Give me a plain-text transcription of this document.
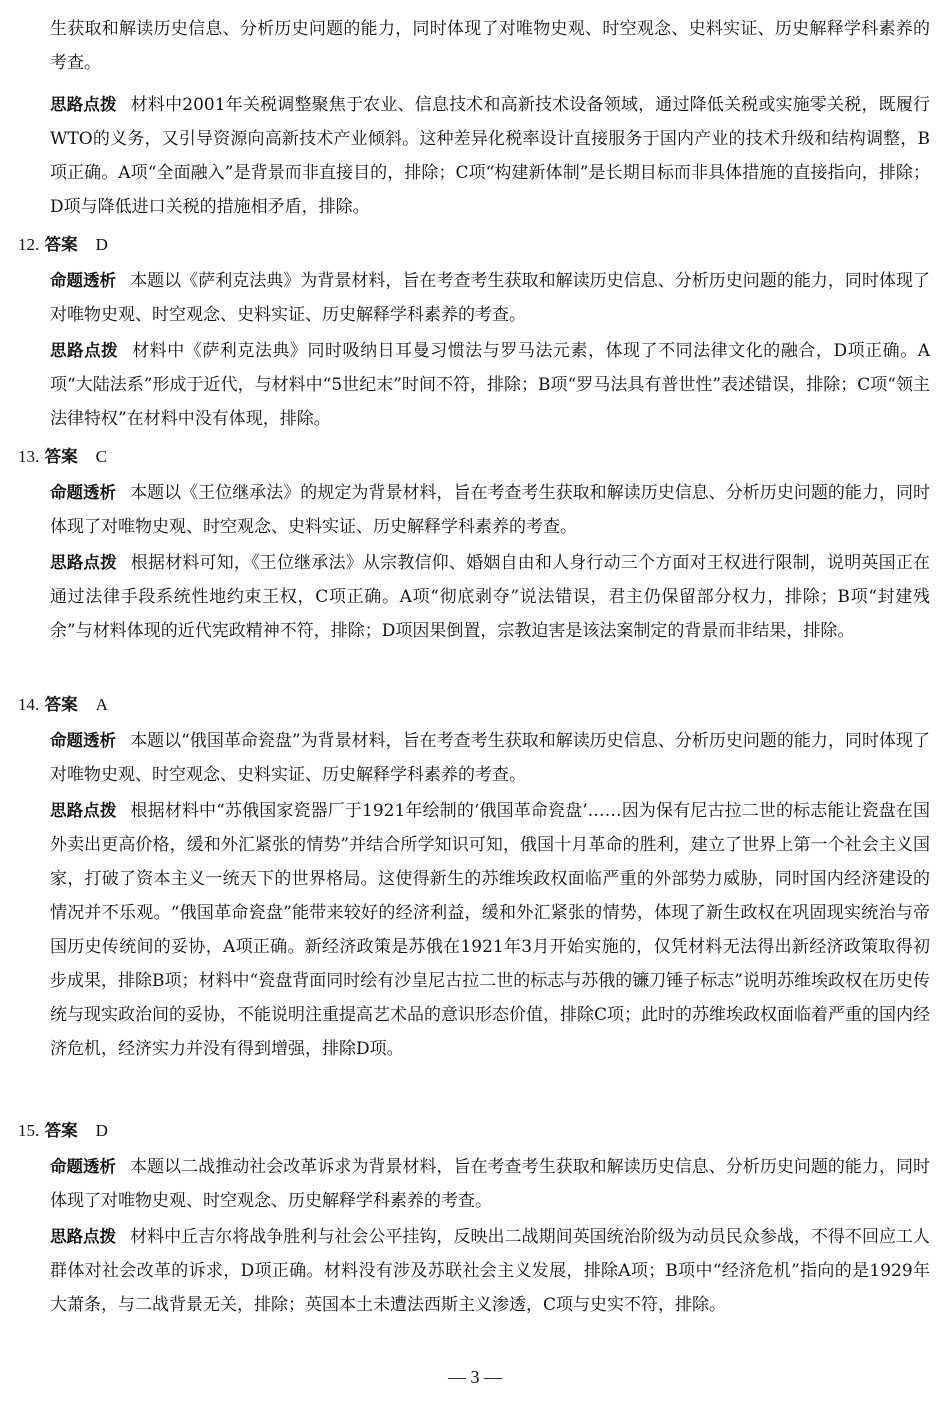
生获取和解读历史信息、分析历史问题的能力，同时体现了对唯物史观、时空观念、史料实证、历史解释学科素养的考查。

思路点拨 材料中2001年关税调整聚焦于农业、信息技术和高新技术设备领域，通过降低关税或实施零关税，既履行WTO的义务，又引导资源向高新技术产业倾斜。这种差异化税率设计直接服务于国内产业的技术升级和结构调整，B项正确。A项“全面融入”是背景而非直接目的，排除；C项“构建新体制”是长期目标而非具体措施的直接指向，排除；D项与降低进口关税的措施相矛盾，排除。

12. 答案 D

命题透析 本题以《萨利克法典》为背景材料，旨在考查考生获取和解读历史信息、分析历史问题的能力，同时体现了对唯物史观、时空观念、史料实证、历史解释学科素养的考查。

思路点拨 材料中《萨利克法典》同时吸纳日耳曼习惯法与罗马法元素，体现了不同法律文化的融合，D项正确。A项“大陆法系”形成于近代，与材料中“5世纪末”时间不符，排除；B项“罗马法具有普世性”表述错误，排除；C项“领主法律特权”在材料中没有体现，排除。

13. 答案 C

命题透析 本题以《王位继承法》的规定为背景材料，旨在考查考生获取和解读历史信息、分析历史问题的能力，同时体现了对唯物史观、时空观念、史料实证、历史解释学科素养的考查。

思路点拨 根据材料可知，《王位继承法》从宗教信仰、婚姻自由和人身行动三个方面对王权进行限制，说明英国正在通过法律手段系统性地约束王权，C项正确。A项“彻底剥夺”说法错误，君主仍保留部分权力，排除；B项“封建残余”与材料体现的近代宪政精神不符，排除；D项因果倒置，宗教迫害是该法案制定的背景而非结果，排除。

14. 答案 A

命题透析 本题以“俄国革命瓷盘”为背景材料，旨在考查考生获取和解读历史信息、分析历史问题的能力，同时体现了对唯物史观、时空观念、史料实证、历史解释学科素养的考查。

思路点拨 根据材料中“苏俄国家瓷器厂于1921年绘制的‘俄国革命瓷盘’……因为保有尼古拉二世的标志能让瓷盘在国外卖出更高价格，缓和外汇紧张的情势”并结合所学知识可知，俄国十月革命的胜利，建立了世界上第一个社会主义国家，打破了资本主义一统天下的世界格局。这使得新生的苏维埃政权面临严重的外部势力威胁，同时国内经济建设的情况并不乐观。“俄国革命瓷盘”能带来较好的经济利益，缓和外汇紧张的情势，体现了新生政权在巩固现实统治与帝国历史传统间的妥协，A项正确。新经济政策是苏俄在1921年3月开始实施的，仅凭材料无法得出新经济政策取得初步成果，排除B项；材料中“瓷盘背面同时绘有沙皇尼古拉二世的标志与苏俄的镰刀锤子标志”说明苏维埃政权在历史传统与现实政治间的妥协，不能说明注重提高艺术品的意识形态价值，排除C项；此时的苏维埃政权面临着严重的国内经济危机，经济实力并没有得到增强，排除D项。

15. 答案 D

命题透析 本题以二战推动社会改革诉求为背景材料，旨在考查考生获取和解读历史信息、分析历史问题的能力，同时体现了对唯物史观、时空观念、历史解释学科素养的考查。

思路点拨 材料中丘吉尔将战争胜利与社会公平挂钩，反映出二战期间英国统治阶级为动员民众参战，不得不回应工人群体对社会改革的诉求，D项正确。材料没有涉及苏联社会主义发展，排除A项；B项中“经济危机”指向的是1929年大萧条，与二战背景无关，排除；英国本土未遭法西斯主义渗透，C项与史实不符，排除。

— 3 —
